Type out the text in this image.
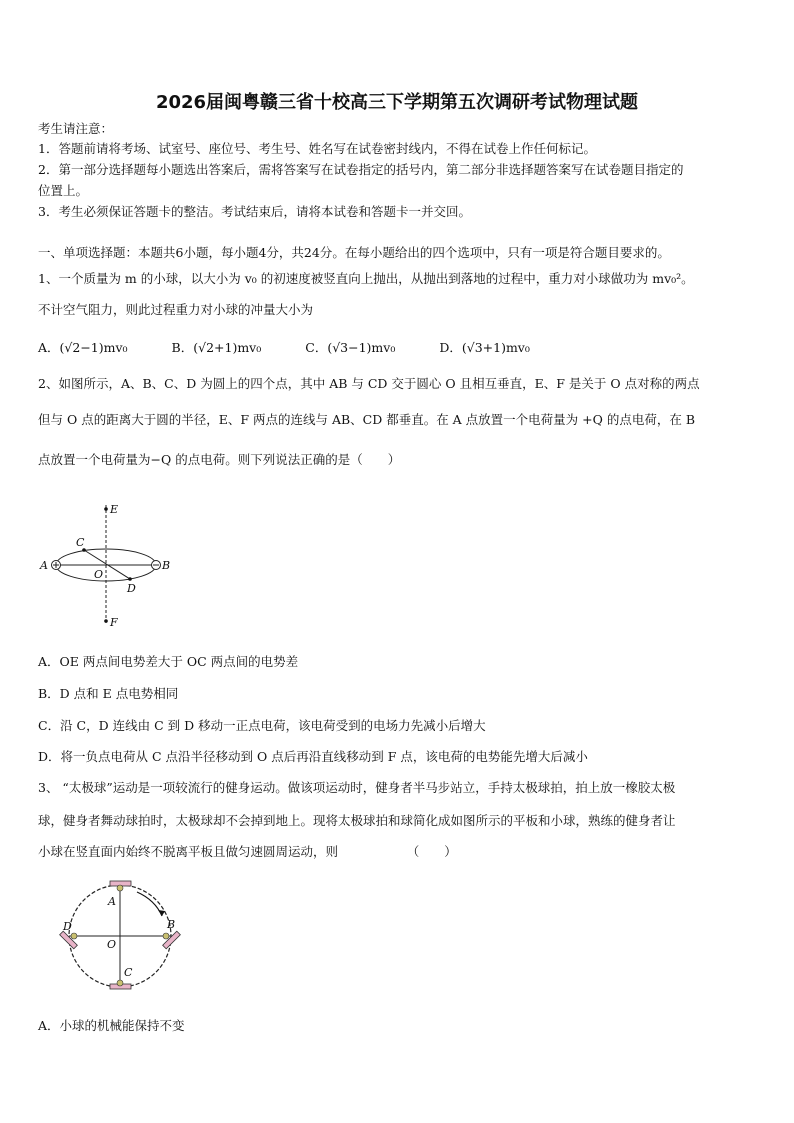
2026届闽粤赣三省十校高三下学期第五次调研考试物理试题
考生请注意：
1．答题前请将考场、试室号、座位号、考生号、姓名写在试卷密封线内，不得在试卷上作任何标记。
2．第一部分选择题每小题选出答案后，需将答案写在试卷指定的括号内，第二部分非选择题答案写在试卷题目指定的
位置上。
3．考生必须保证答题卡的整洁。考试结束后，请将本试卷和答题卡一并交回。
一、单项选择题：本题共6小题，每小题4分，共24分。在每小题给出的四个选项中，只有一项是符合题目要求的。
1、一个质量为 m 的小球，以大小为 v₀ 的初速度被竖直向上抛出，从抛出到落地的过程中，重力对小球做功为 mv₀²。
不计空气阻力，则此过程重力对小球的冲量大小为
A．(√2−1)mv₀	B．(√2+1)mv₀	C．(√3−1)mv₀	D．(√3+1)mv₀
2、如图所示，A、B、C、D 为圆上的四个点，其中 AB 与 CD 交于圆心 O 且相互垂直，E、F 是关于 O 点对称的两点
但与 O 点的距离大于圆的半径，E、F 两点的连线与 AB、CD 都垂直。在 A 点放置一个电荷量为 +Q 的点电荷，在 B
点放置一个电荷量为−Q 的点电荷。则下列说法正确的是（　　）
E
C
A
O
B
D
F
A．OE 两点间电势差大于 OC 两点间的电势差
B．D 点和 E 点电势相同
C．沿 C，D 连线由 C 到 D 移动一正点电荷，该电荷受到的电场力先减小后增大
D．将一负点电荷从 C 点沿半径移动到 O 点后再沿直线移动到 F 点，该电荷的电势能先增大后减小
3、 “太极球”运动是一项较流行的健身运动。做该项运动时，健身者半马步站立，手持太极球拍，拍上放一橡胶太极
球，健身者舞动球拍时，太极球却不会掉到地上。现将太极球拍和球简化成如图所示的平板和小球，熟练的健身者让
小球在竖直面内始终不脱离平板且做匀速圆周运动，则　　　　　　（　　）
A
B
C
D
O
A．小球的机械能保持不变
